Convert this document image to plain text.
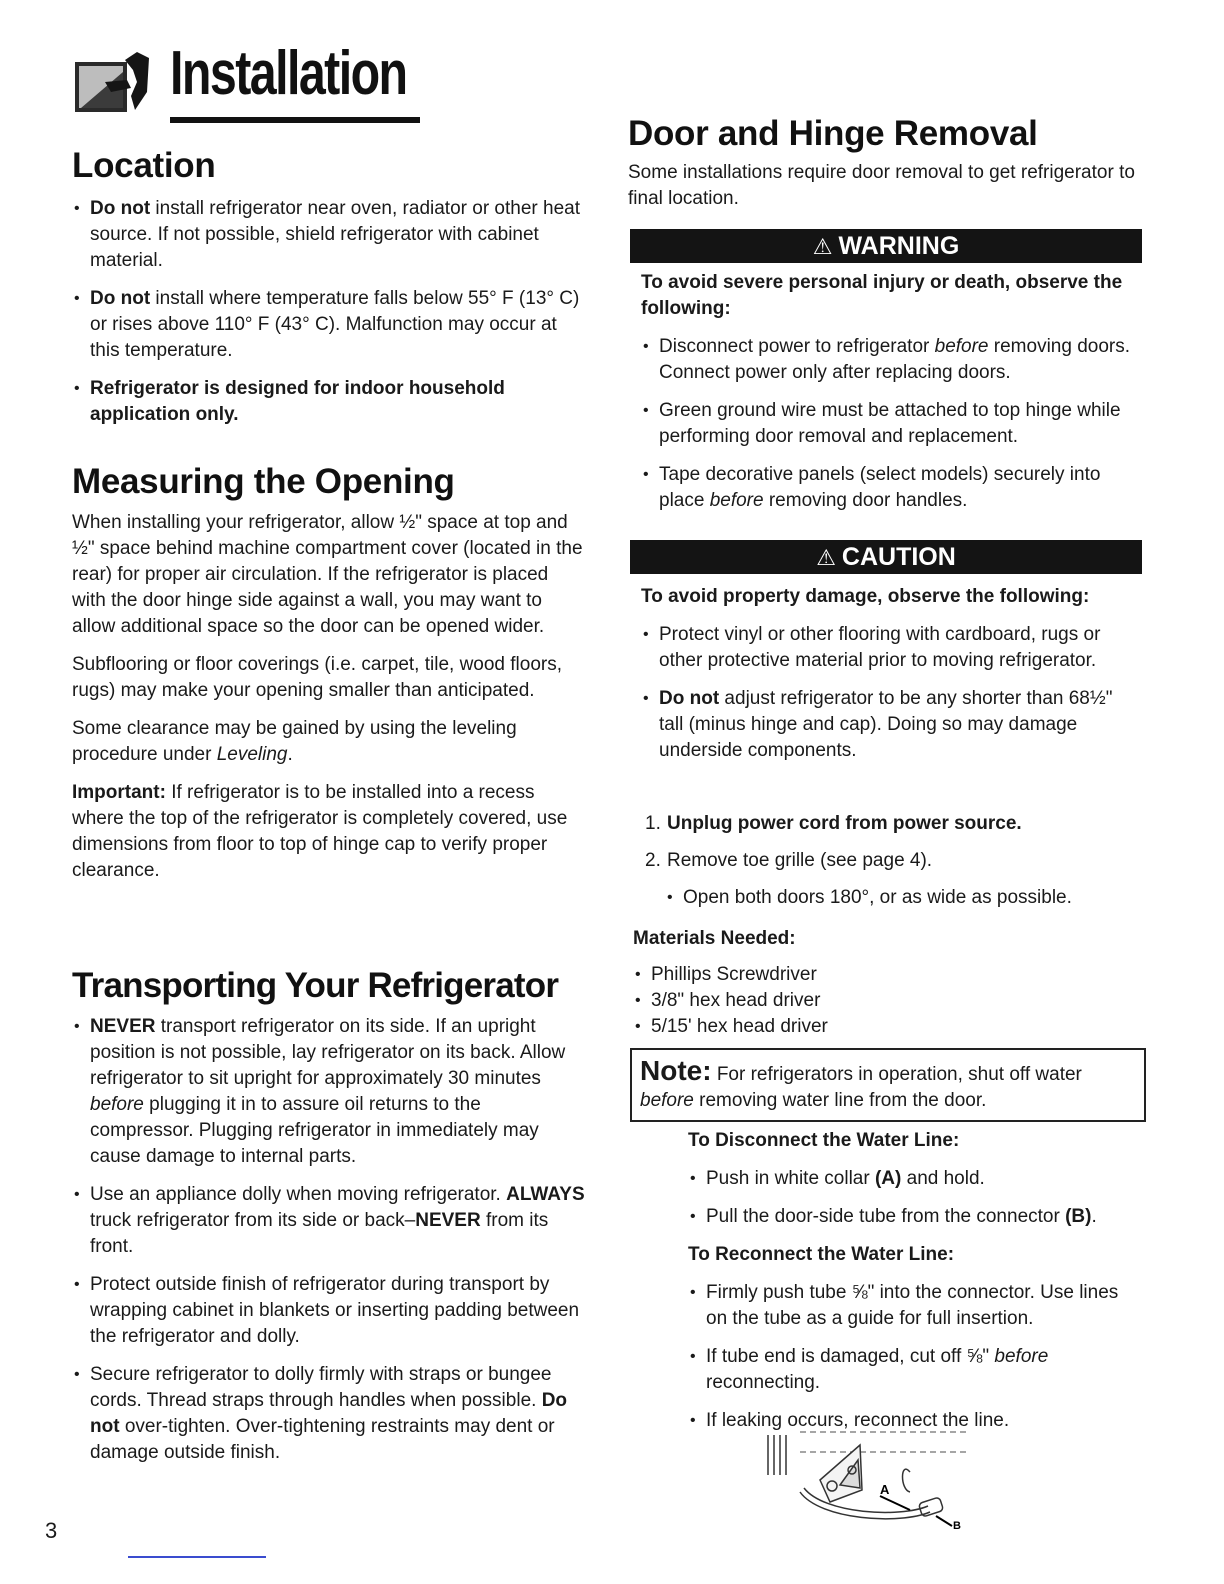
Installation
Location
• Do not install refrigerator near oven, radiator or other heat source. If not possible, shield refrigerator with cabinet material.
• Do not install where temperature falls below 55° F (13° C) or rises above 110° F (43° C). Malfunction may occur at this temperature.
• Refrigerator is designed for indoor household application only.
Measuring the Opening

When installing your refrigerator, allow ½" space at top and ½" space behind machine compartment cover (located in the rear) for proper air circulation. If the refrigerator is placed with the door hinge side against a wall, you may want to allow additional space so the door can be opened wider.

Subflooring or floor coverings (i.e. carpet, tile, wood floors, rugs) may make your opening smaller than anticipated.

Some clearance may be gained by using the leveling procedure under Leveling.

Important: If refrigerator is to be installed into a recess where the top of the refrigerator is completely covered, use dimensions from floor to top of hinge cap to verify proper clearance.

Transporting Your Refrigerator
• NEVER transport refrigerator on its side. If an upright position is not possible, lay refrigerator on its back. Allow refrigerator to sit upright for approximately 30 minutes before plugging it in to assure oil returns to the compressor. Plugging refrigerator in immediately may cause damage to internal parts.
• Use an appliance dolly when moving refrigerator. ALWAYS truck refrigerator from its side or back–NEVER from its front.
• Protect outside finish of refrigerator during transport by wrapping cabinet in blankets or inserting padding between the refrigerator and dolly.
• Secure refrigerator to dolly firmly with straps or bungee cords. Thread straps through handles when possible. Do not over-tighten. Over-tightening restraints may dent or damage outside finish.
Door and Hinge Removal

Some installations require door removal to get refrigerator to final location.

⚠ WARNING
To avoid severe personal injury or death, observe the following:
• Disconnect power to refrigerator before removing doors. Connect power only after replacing doors.
• Green ground wire must be attached to top hinge while performing door removal and replacement.
• Tape decorative panels (select models) securely into place before removing door handles.
⚠ CAUTION
To avoid property damage, observe the following:
• Protect vinyl or other flooring with cardboard, rugs or other protective material prior to moving refrigerator.
• Do not adjust refrigerator to be any shorter than 68½" tall (minus hinge and cap). Doing so may damage underside components.
1. Unplug power cord from power source.
2. Remove toe grille (see page 4).
• Open both doors 180°, or as wide as possible.
Materials Needed:
• Phillips Screwdriver
• 3/8" hex head driver
• 5/15' hex head driver
Note: For refrigerators in operation, shut off water before removing water line from the door.
To Disconnect the Water Line:
• Push in white collar (A) and hold.
• Pull the door-side tube from the connector (B).
To Reconnect the Water Line:
• Firmly push tube ⅝" into the connector. Use lines on the tube as a guide for full insertion.
• If tube end is damaged, cut off ⅝" before reconnecting.
• If leaking occurs, reconnect the line.
A
B
3
